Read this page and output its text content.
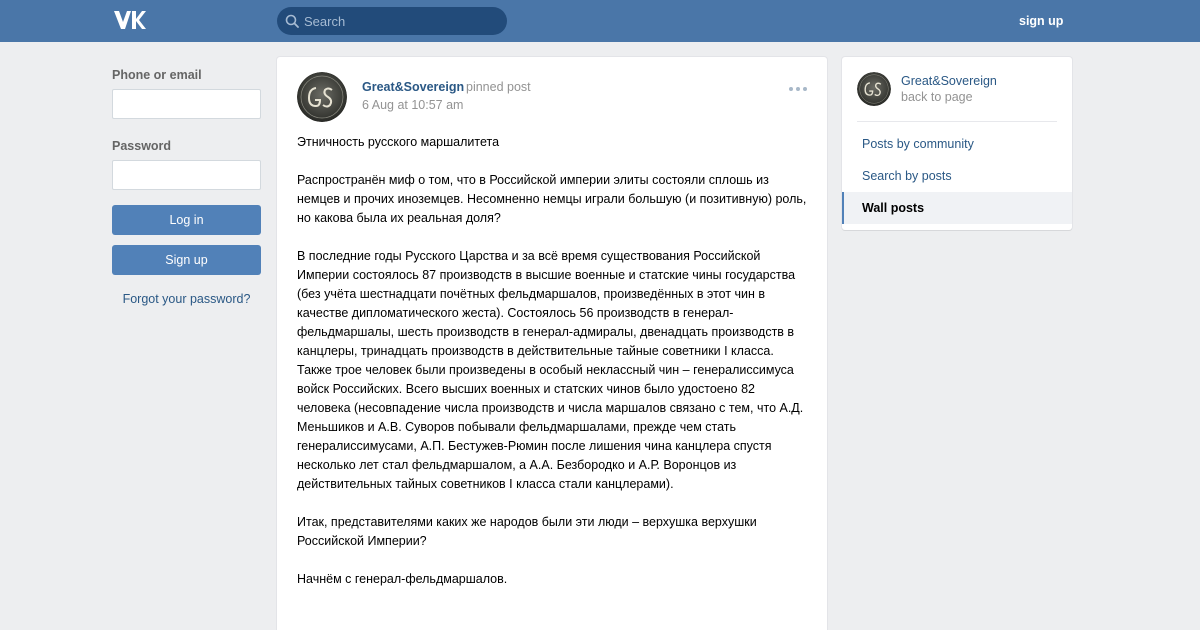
Search
sign up
Phone or email
Password
Log in
Sign up
Forgot your password?
Great&Sovereign pinned post
6 Aug at 10:57 am

Этничность русского маршалитета

Распространён миф о том, что в Российской империи элиты состояли сплошь из немцев и прочих иноземцев. Несомненно немцы играли большую (и позитивную) роль, но какова была их реальная доля?

В последние годы Русского Царства и за всё время существования Российской Империи состоялось 87 производств в высшие военные и статские чины государства (без учёта шестнадцати почётных фельдмаршалов, произведённых в этот чин в качестве дипломатического жеста). Состоялось 56 производств в генерал-фельдмаршалы, шесть производств в генерал-адмиралы, двенадцать производств в канцлеры, тринадцать производств в действительные тайные советники I класса. Также трое человек были произведены в особый неклассный чин – генералиссимуса войск Российских. Всего высших военных и статских чинов было удостоено 82 человека (несовпадение числа производств и числа маршалов связано с тем, что А.Д. Меньшиков и А.В. Суворов побывали фельдмаршалами, прежде чем стать генералиссимусами, А.П. Бестужев-Рюмин после лишения чина канцлера спустя несколько лет стал фельдмаршалом, а А.А. Безбородко и А.Р. Воронцов из действительных тайных советников I класса стали канцлерами).

Итак, представителями каких же народов были эти люди – верхушка верхушки Российской Империи?

Начнём с генерал-фельдмаршалов.

Great&Sovereign
back to page
Posts by community
Search by posts
Wall posts
